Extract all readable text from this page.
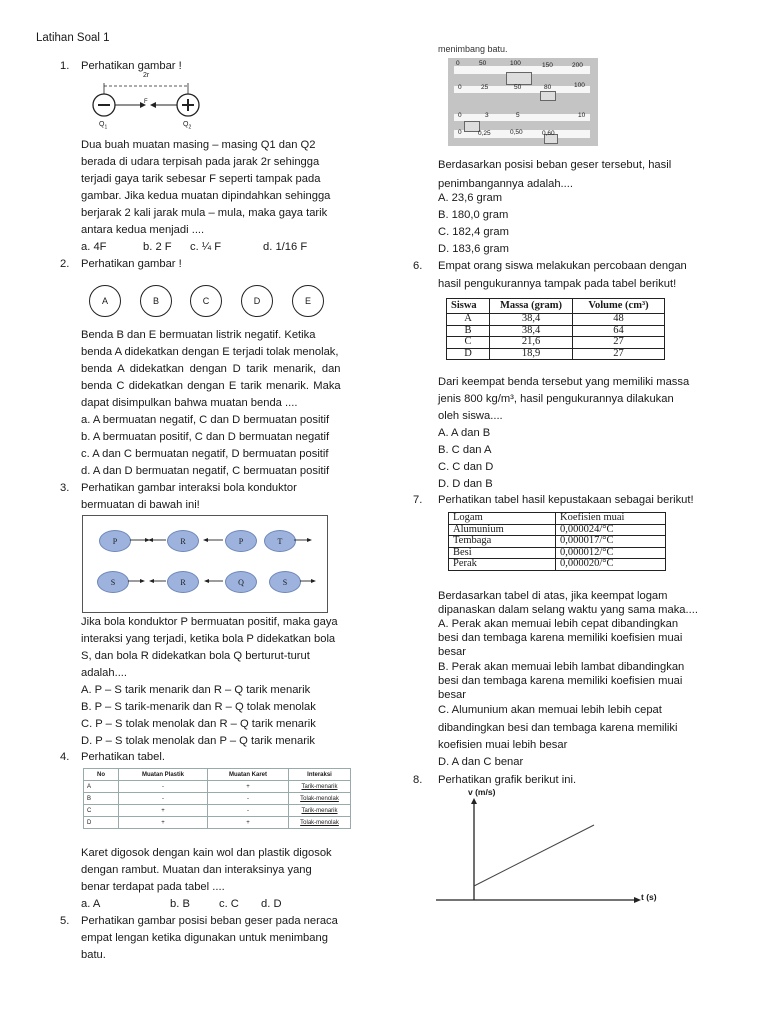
Latihan Soal 1
1. Perhatikan gambar !
2r
F
$Q_1$	$Q_2$
Dua buah muatan masing – masing Q1 dan Q2
berada di udara terpisah pada jarak 2r sehingga
terjadi gaya tarik sebesar F seperti tampak pada
gambar. Jika kedua muatan dipindahkan sehingga
berjarak 2 kali jarak mula – mula, maka gaya tarik
antara kedua menjadi ....
a. 4F	b. 2 F c. ¼ F	d. 1/16 F
2. Perhatikan gambar !
A	B	C	D	E
Benda B dan E bermuatan listrik negatif. Ketika
benda A didekatkan dengan E terjadi tolak menolak,
benda A didekatkan dengan D tarik menarik, dan
benda C didekatkan dengan E tarik menarik. Maka
dapat disimpulkan bahwa muatan benda ....
a. A bermuatan negatif, C dan D bermuatan positif
b. A bermuatan positif, C dan D bermuatan negatif
c. A dan C bermuatan negatif, D bermuatan positif
d. A dan D bermuatan negatif, C bermuatan positif
3. Perhatikan gambar interaksi bola konduktor
bermuatan di bawah ini!
P	R	P	T
S	R	Q	S
Jika bola konduktor P bermuatan positif, maka gaya
interaksi yang terjadi, ketika bola P didekatkan bola
S, dan bola R didekatkan bola Q berturut-turut
adalah....
A. P – S tarik menarik dan R – Q tarik menarik
B. P – S tarik-menarik dan R – Q tolak menolak
C. P – S tolak menolak dan R – Q tarik menarik
D. P – S tolak menolak dan P – Q tarik menarik
4. Perhatikan tabel.
No	Muatan Plastik	Muatan Karet	Interaksi
A	-	+	Tarik-menarik
B	-	-	Tolak-menolak
C	+	-	Tarik-menarik
D	+	+	Tolak-menolak
Karet digosok dengan kain wol dan plastik digosok
dengan rambut. Muatan dan interaksinya yang
benar terdapat pada tabel ....
a. A	b. B	c. C d. D
5. Perhatikan gambar posisi beban geser pada neraca
empat lengan ketika digunakan untuk menimbang
batu.
menimbang batu.
0	50	100	150	200
0	25	50	80	100
0	3	5	10
0	0,25	0,50	0,60
Berdasarkan posisi beban geser tersebut, hasil
penimbangannya adalah....
A. 23,6 gram
B. 180,0 gram
C. 182,4 gram
D. 183,6 gram
6. Empat orang siswa melakukan percobaan dengan
hasil pengukurannya tampak pada tabel berikut!
Siswa	Massa (gram)	Volume (cm³)
A	38,4	48
B	38,4	64
C	21,6	27
D	18,9	27
Dari keempat benda tersebut yang memiliki massa
jenis 800 kg/m³, hasil pengukurannya dilakukan
oleh siswa....
A. A dan B
B. C dan A
C. C dan D
D. D dan B
7. Perhatikan tabel hasil kepustakaan sebagai berikut!
Logam	Koefisien muai
Alumunium	0,000024/°C
Tembaga	0,000017/°C
Besi	0,000012/°C
Perak	0,000020/°C
Berdasarkan tabel di atas, jika keempat logam
dipanaskan dalam selang waktu yang sama maka....
A. Perak akan memuai lebih cepat dibandingkan
besi dan tembaga karena memiliki koefisien muai
besar
B. Perak akan memuai lebih lambat dibandingkan
besi dan tembaga karena memiliki koefisien muai
besar
C. Alumunium akan memuai lebih lebih cepat
dibandingkan besi dan tembaga karena memiliki
koefisien muai lebih besar
D. A dan C benar
8. Perhatikan grafik berikut ini.
v (m/s)
t (s)
